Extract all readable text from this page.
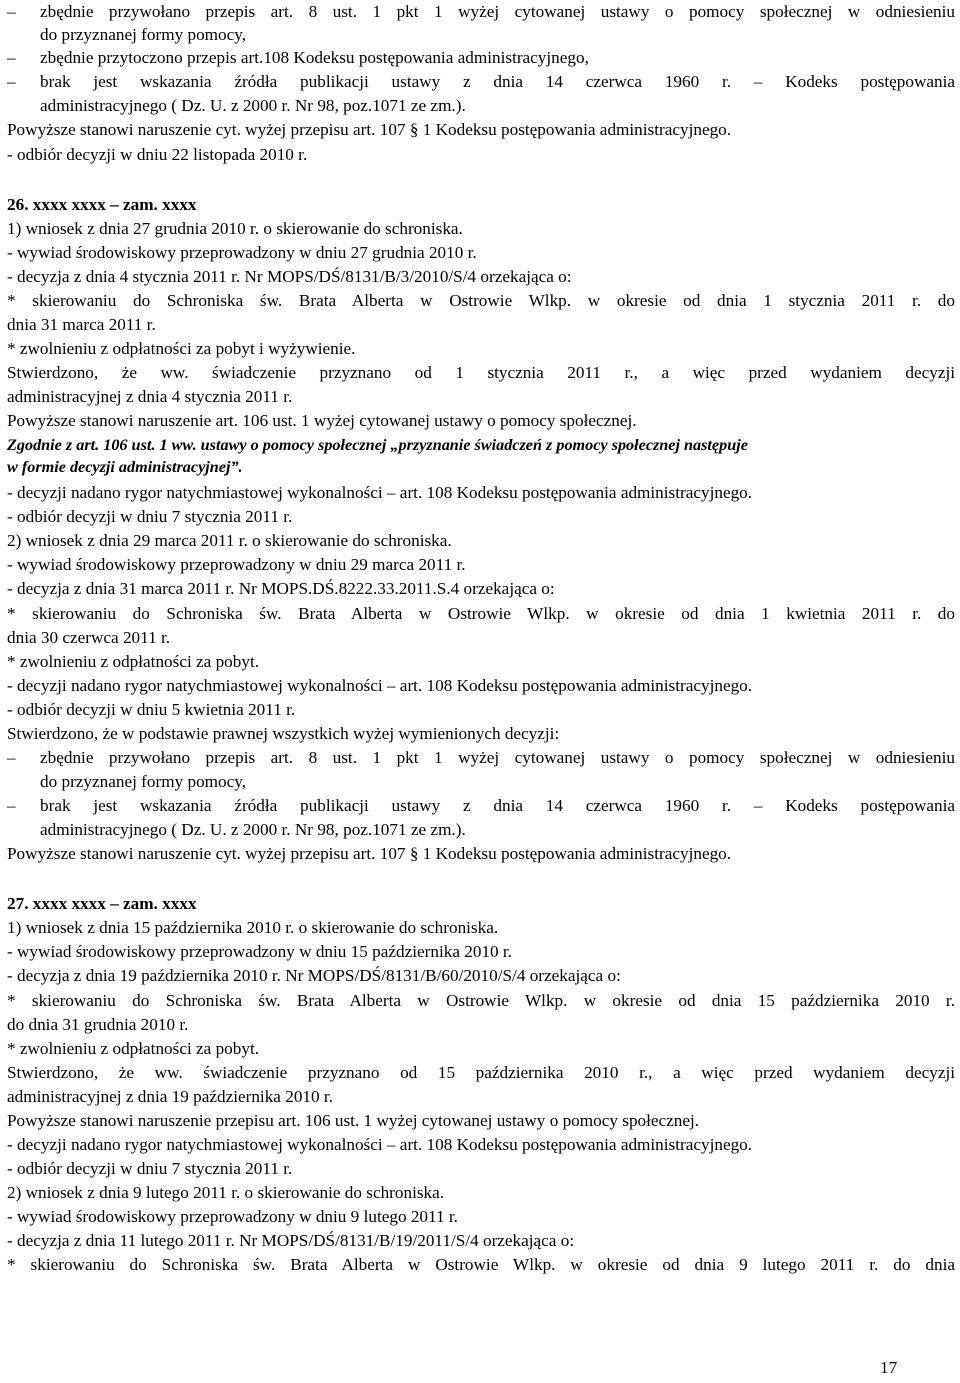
–	zbędnie przywołano przepis art. 8 ust. 1 pkt 1 wyżej cytowanej ustawy o pomocy społecznej w odniesieniu
do przyznanej formy pomocy,
–	zbędnie przytoczono przepis art.108 Kodeksu postępowania administracyjnego,
–	brak jest wskazania źródła publikacji ustawy z dnia 14 czerwca 1960 r. – Kodeks postępowania
administracyjnego ( Dz. U. z 2000 r. Nr 98, poz.1071 ze zm.).
Powyższe stanowi naruszenie cyt. wyżej przepisu art. 107 § 1 Kodeksu postępowania administracyjnego.
- odbiór decyzji w dniu 22 listopada 2010 r.
26. xxxx xxxx – zam. xxxx
1) wniosek z dnia 27 grudnia 2010 r. o skierowanie do schroniska.
- wywiad środowiskowy przeprowadzony w dniu 27 grudnia 2010 r.
- decyzja z dnia 4 stycznia 2011 r. Nr MOPS/DŚ/8131/B/3/2010/S/4 orzekająca o:
* skierowaniu do Schroniska św. Brata Alberta w Ostrowie Wlkp. w okresie od dnia 1 stycznia 2011 r. do
dnia 31 marca 2011 r.
* zwolnieniu z odpłatności za pobyt i wyżywienie.
Stwierdzono, że ww. świadczenie przyznano od 1 stycznia 2011 r., a więc przed wydaniem decyzji
administracyjnej z dnia 4 stycznia 2011 r.
Powyższe stanowi naruszenie art. 106 ust. 1 wyżej cytowanej ustawy o pomocy społecznej.
Zgodnie z art. 106 ust. 1 ww. ustawy o pomocy społecznej „przyznanie świadczeń z pomocy społecznej następuje
w formie decyzji administracyjnej”.
- decyzji nadano rygor natychmiastowej wykonalności – art. 108 Kodeksu postępowania administracyjnego.
- odbiór decyzji w dniu 7 stycznia 2011 r.
2) wniosek z dnia 29 marca 2011 r. o skierowanie do schroniska.
- wywiad środowiskowy przeprowadzony w dniu 29 marca 2011 r.
- decyzja z dnia 31 marca 2011 r. Nr MOPS.DŚ.8222.33.2011.S.4 orzekająca o:
* skierowaniu do Schroniska św. Brata Alberta w Ostrowie Wlkp. w okresie od dnia 1 kwietnia 2011 r. do
dnia 30 czerwca 2011 r.
* zwolnieniu z odpłatności za pobyt.
- decyzji nadano rygor natychmiastowej wykonalności – art. 108 Kodeksu postępowania administracyjnego.
- odbiór decyzji w dniu 5 kwietnia 2011 r.
Stwierdzono, że w podstawie prawnej wszystkich wyżej wymienionych decyzji:
–	zbędnie przywołano przepis art. 8 ust. 1 pkt 1 wyżej cytowanej ustawy o pomocy społecznej w odniesieniu
do przyznanej formy pomocy,
–	brak jest wskazania źródła publikacji ustawy z dnia 14 czerwca 1960 r. – Kodeks postępowania
administracyjnego ( Dz. U. z 2000 r. Nr 98, poz.1071 ze zm.).
Powyższe stanowi naruszenie cyt. wyżej przepisu art. 107 § 1 Kodeksu postępowania administracyjnego.
27. xxxx xxxx – zam. xxxx
1) wniosek z dnia 15 października 2010 r. o skierowanie do schroniska.
- wywiad środowiskowy przeprowadzony w dniu 15 października 2010 r.
- decyzja z dnia 19 października 2010 r. Nr MOPS/DŚ/8131/B/60/2010/S/4 orzekająca o:
* skierowaniu do Schroniska św. Brata Alberta w Ostrowie Wlkp. w okresie od dnia 15 października 2010 r.
do dnia 31 grudnia 2010 r.
* zwolnieniu z odpłatności za pobyt.
Stwierdzono, że ww. świadczenie przyznano od 15 października 2010 r., a więc przed wydaniem decyzji
administracyjnej z dnia 19 października 2010 r.
Powyższe stanowi naruszenie przepisu art. 106 ust. 1 wyżej cytowanej ustawy o pomocy społecznej.
- decyzji nadano rygor natychmiastowej wykonalności – art. 108 Kodeksu postępowania administracyjnego.
- odbiór decyzji w dniu 7 stycznia 2011 r.
2) wniosek z dnia 9 lutego 2011 r. o skierowanie do schroniska.
- wywiad środowiskowy przeprowadzony w dniu 9 lutego 2011 r.
- decyzja z dnia 11 lutego 2011 r. Nr MOPS/DŚ/8131/B/19/2011/S/4 orzekająca o:
* skierowaniu do Schroniska św. Brata Alberta w Ostrowie Wlkp. w okresie od dnia 9 lutego 2011 r. do dnia
17
